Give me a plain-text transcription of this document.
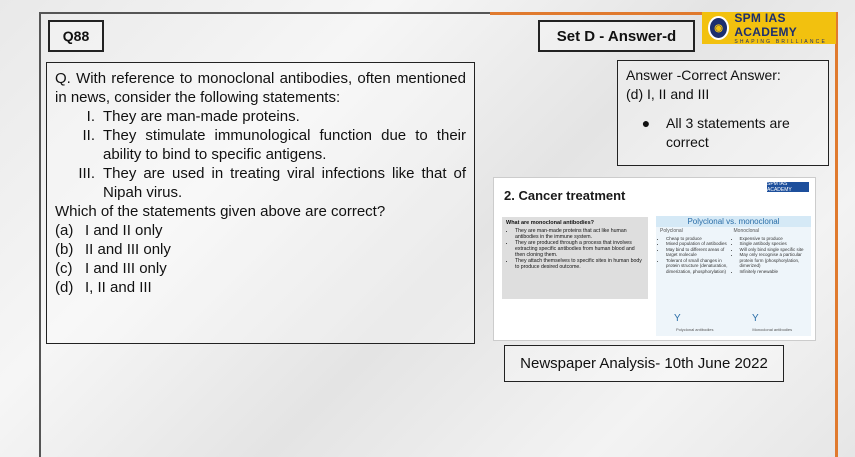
Q88	Set D - Answer-d	◉
SPM IAS ACADEMY
SHAPING BRILLIANCE

Q. With reference to monoclonal antibodies, often mentioned in news, consider the following statements:

I. They are man-made proteins.
II. They stimulate immunological function due to their ability to bind to specific antigens.
III. They are used in treating viral infections like that of Nipah virus.

Which of the statements given above are correct?

(a) I and II only
(b) II and III only
(c) I and III only
(d) I, II and III
Answer -Correct Answer:
(d) I, II and III
●	All 3 statements are correct
2. Cancer treatment
SPM IAS ACADEMY
What are monoclonal antibodies?
• They are man-made proteins that act like human antibodies in the immune system.
• They are produced through a process that involves extracting specific antibodies from human blood and then cloning them.
• They attach themselves to specific sites in human body to produce desired outcome.
Polyclonal vs. monoclonal
Polyclonal
• Cheap to produce
• Mixed population of antibodies
• May bind to different areas of target molecule
• Tolerant of small changes in protein structure (denaturation, dimerization, phosphorylation)
Monoclonal
• Expensive to produce
• Single antibody species
• Will only bind single specific site
• May only recognise a particular protein form (phosphorylation, dimerized)
• Infinitely renewable
Y	Y
Polyclonal antibodies	Monoclonal antibodies
Newspaper Analysis- 10th June 2022
